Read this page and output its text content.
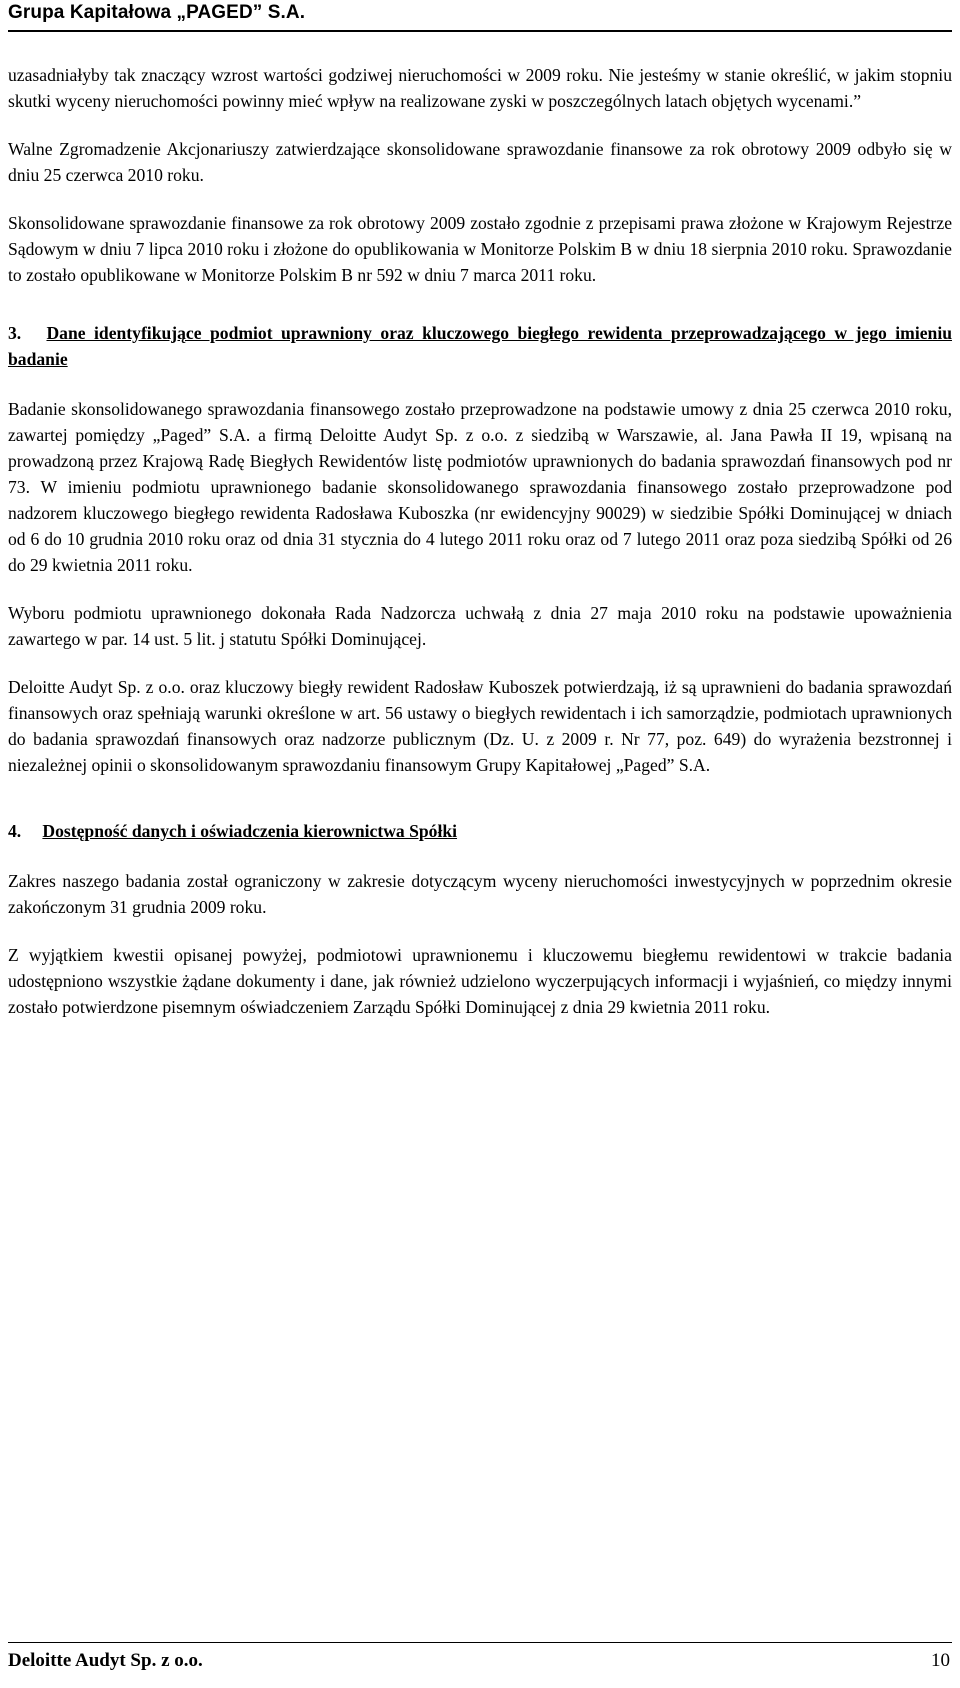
Grupa Kapitałowa „PAGED” S.A.

uzasadniałyby tak znaczący wzrost wartości godziwej nieruchomości w 2009 roku. Nie jesteśmy w stanie określić, w jakim stopniu skutki wyceny nieruchomości powinny mieć wpływ na realizowane zyski w poszczególnych latach objętych wycenami.”

Walne Zgromadzenie Akcjonariuszy zatwierdzające skonsolidowane sprawozdanie finansowe za rok obrotowy 2009 odbyło się w dniu 25 czerwca 2010 roku.

Skonsolidowane sprawozdanie finansowe za rok obrotowy 2009 zostało zgodnie z przepisami prawa złożone w Krajowym Rejestrze Sądowym w dniu 7 lipca 2010 roku i złożone do opublikowania w Monitorze Polskim B w dniu 18 sierpnia 2010 roku. Sprawozdanie to zostało opublikowane w Monitorze Polskim B nr 592 w dniu 7 marca 2011 roku.

3. Dane identyfikujące podmiot uprawniony oraz kluczowego biegłego rewidenta przeprowadzającego w jego imieniu badanie

Badanie skonsolidowanego sprawozdania finansowego zostało przeprowadzone na podstawie umowy z dnia 25 czerwca 2010 roku, zawartej pomiędzy „Paged” S.A. a firmą Deloitte Audyt Sp. z o.o. z siedzibą w Warszawie, al. Jana Pawła II 19, wpisaną na prowadzoną przez Krajową Radę Biegłych Rewidentów listę podmiotów uprawnionych do badania sprawozdań finansowych pod nr 73. W imieniu podmiotu uprawnionego badanie skonsolidowanego sprawozdania finansowego zostało przeprowadzone pod nadzorem kluczowego biegłego rewidenta Radosława Kuboszka (nr ewidencyjny 90029) w siedzibie Spółki Dominującej w dniach od 6 do 10 grudnia 2010 roku oraz od dnia 31 stycznia do 4 lutego 2011 roku oraz od 7 lutego 2011 oraz poza siedzibą Spółki od 26 do 29 kwietnia 2011 roku.

Wyboru podmiotu uprawnionego dokonała Rada Nadzorcza uchwałą z dnia 27 maja 2010 roku na podstawie upoważnienia zawartego w par. 14 ust. 5 lit. j statutu Spółki Dominującej.

Deloitte Audyt Sp. z o.o. oraz kluczowy biegły rewident Radosław Kuboszek potwierdzają, iż są uprawnieni do badania sprawozdań finansowych oraz spełniają warunki określone w art. 56 ustawy o biegłych rewidentach i ich samorządzie, podmiotach uprawnionych do badania sprawozdań finansowych oraz nadzorze publicznym (Dz. U. z 2009 r. Nr 77, poz. 649) do wyrażenia bezstronnej i niezależnej opinii o skonsolidowanym sprawozdaniu finansowym Grupy Kapitałowej „Paged” S.A.

4. Dostępność danych i oświadczenia kierownictwa Spółki

Zakres naszego badania został ograniczony w zakresie dotyczącym wyceny nieruchomości inwestycyjnych w poprzednim okresie zakończonym 31 grudnia 2009 roku.

Z wyjątkiem kwestii opisanej powyżej, podmiotowi uprawnionemu i kluczowemu biegłemu rewidentowi w trakcie badania udostępniono wszystkie żądane dokumenty i dane, jak również udzielono wyczerpujących informacji i wyjaśnień, co między innymi zostało potwierdzone pisemnym oświadczeniem Zarządu Spółki Dominującej z dnia 29 kwietnia 2011 roku.

Deloitte Audyt Sp. z o.o.	10
